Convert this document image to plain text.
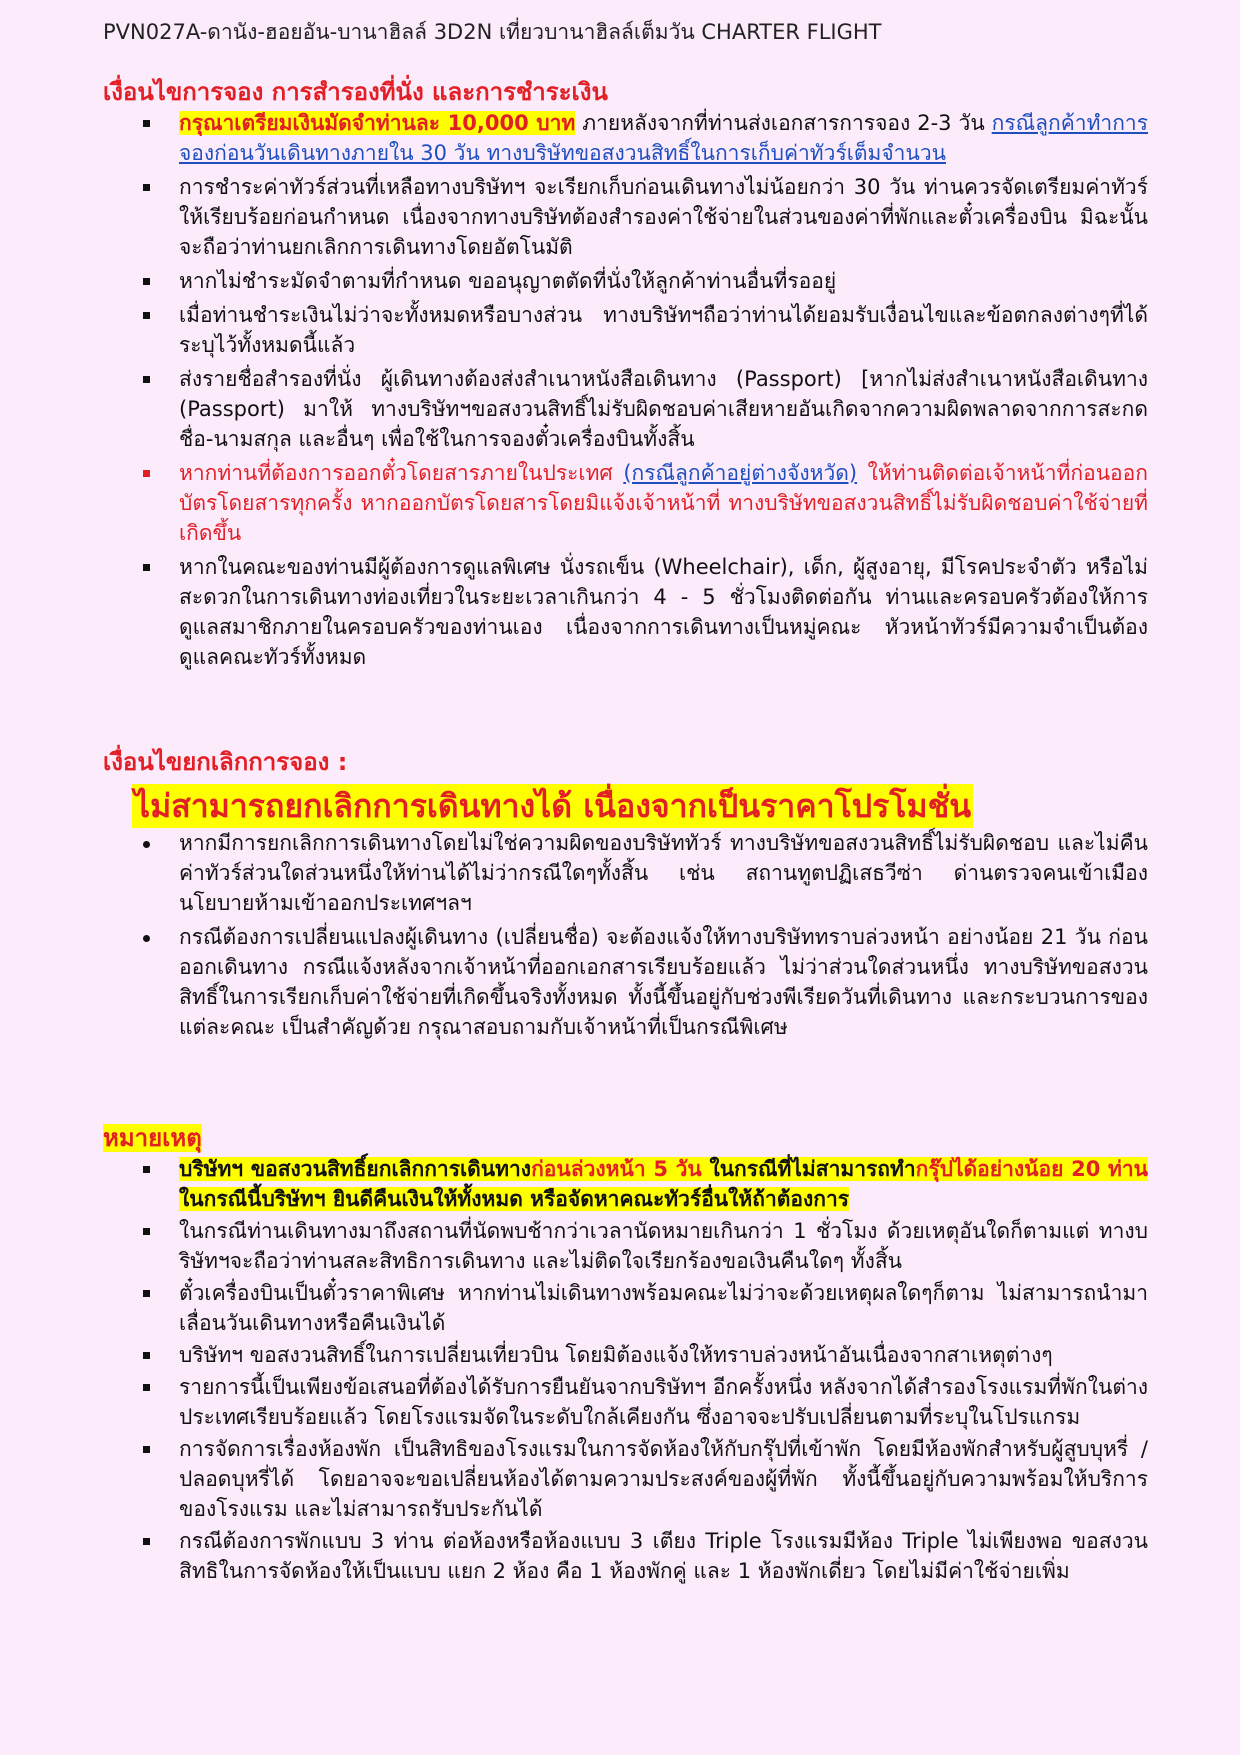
PVN027A-ดานัง-ฮอยอัน-บานาฮิลล์ 3D2N เที่ยวบานาฮิลล์เต็มวัน CHARTER FLIGHT
เงื่อนไขการจอง การสำรองที่นั่ง และการชำระเงิน
กรุณาเตรียมเงินมัดจำท่านละ 10,000 บาท ภายหลังจากที่ท่านส่งเอกสารการจอง 2-3 วัน กรณีลูกค้าทำการจองก่อนวันเดินทางภายใน 30 วัน ทางบริษัทขอสงวนสิทธิ์ในการเก็บค่าทัวร์เต็มจำนวน
การชำระค่าทัวร์ส่วนที่เหลือทางบริษัทฯ จะเรียกเก็บก่อนเดินทางไม่น้อยกว่า 30 วัน ท่านควรจัดเตรียมค่าทัวร์ให้เรียบร้อยก่อนกำหนด เนื่องจากทางบริษัทต้องสำรองค่าใช้จ่ายในส่วนของค่าที่พักและตั๋วเครื่องบิน มิฉะนั้นจะถือว่าท่านยกเลิกการเดินทางโดยอัตโนมัติ
หากไม่ชำระมัดจำตามที่กำหนด ขออนุญาตตัดที่นั่งให้ลูกค้าท่านอื่นที่รออยู่
เมื่อท่านชำระเงินไม่ว่าจะทั้งหมดหรือบางส่วน ทางบริษัทฯถือว่าท่านได้ยอมรับเงื่อนไขและข้อตกลงต่างๆที่ได้ระบุไว้ทั้งหมดนี้แล้ว
ส่งรายชื่อสำรองที่นั่ง ผู้เดินทางต้องส่งสำเนาหนังสือเดินทาง (Passport) [หากไม่ส่งสำเนาหนังสือเดินทาง (Passport) มาให้ ทางบริษัทฯขอสงวนสิทธิ์ไม่รับผิดชอบค่าเสียหายอันเกิดจากความผิดพลาดจากการสะกดชื่อ-นามสกุล และอื่นๆ เพื่อใช้ในการจองตั๋วเครื่องบินทั้งสิ้น
หากท่านที่ต้องการออกตั๋วโดยสารภายในประเทศ (กรณีลูกค้าอยู่ต่างจังหวัด) ให้ท่านติดต่อเจ้าหน้าที่ก่อนออกบัตรโดยสารทุกครั้ง หากออกบัตรโดยสารโดยมิแจ้งเจ้าหน้าที่ ทางบริษัทขอสงวนสิทธิ์ไม่รับผิดชอบค่าใช้จ่ายที่เกิดขึ้น
หากในคณะของท่านมีผู้ต้องการดูแลพิเศษ นั่งรถเข็น (Wheelchair), เด็ก, ผู้สูงอายุ, มีโรคประจำตัว หรือไม่สะดวกในการเดินทางท่องเที่ยวในระยะเวลาเกินกว่า 4 - 5 ชั่วโมงติดต่อกัน ท่านและครอบครัวต้องให้การดูแลสมาชิกภายในครอบครัวของท่านเอง เนื่องจากการเดินทางเป็นหมู่คณะ หัวหน้าทัวร์มีความจำเป็นต้องดูแลคณะทัวร์ทั้งหมด
เงื่อนไขยกเลิกการจอง :
ไม่สามารถยกเลิกการเดินทางได้ เนื่องจากเป็นราคาโปรโมชั่น
หากมีการยกเลิกการเดินทางโดยไม่ใช่ความผิดของบริษัททัวร์ ทางบริษัทขอสงวนสิทธิ์ไม่รับผิดชอบ และไม่คืนค่าทัวร์ส่วนใดส่วนหนึ่งให้ท่านได้ไม่ว่ากรณีใดๆทั้งสิ้น เช่น สถานทูตปฏิเสธวีซ่า ด่านตรวจคนเข้าเมือง นโยบายห้ามเข้าออกประเทศฯลฯ
กรณีต้องการเปลี่ยนแปลงผู้เดินทาง (เปลี่ยนชื่อ) จะต้องแจ้งให้ทางบริษัททราบล่วงหน้า อย่างน้อย 21 วัน ก่อนออกเดินทาง กรณีแจ้งหลังจากเจ้าหน้าที่ออกเอกสารเรียบร้อยแล้ว ไม่ว่าส่วนใดส่วนหนึ่ง ทางบริษัทขอสงวนสิทธิ์ในการเรียกเก็บค่าใช้จ่ายที่เกิดขึ้นจริงทั้งหมด ทั้งนี้ขึ้นอยู่กับช่วงพีเรียดวันที่เดินทาง และกระบวนการของแต่ละคณะ เป็นสำคัญด้วย กรุณาสอบถามกับเจ้าหน้าที่เป็นกรณีพิเศษ
หมายเหตุ
บริษัทฯ ขอสงวนสิทธิ์ยกเลิกการเดินทางก่อนล่วงหน้า 5 วัน ในกรณีที่ไม่สามารถทำกรุ๊ปได้อย่างน้อย 20 ท่าน ในกรณีนี้บริษัทฯ ยินดีคืนเงินให้ทั้งหมด หรือจัดหาคณะทัวร์อื่นให้ถ้าต้องการ
ในกรณีท่านเดินทางมาถึงสถานที่นัดพบช้ากว่าเวลานัดหมายเกินกว่า 1 ชั่วโมง ด้วยเหตุอันใดก็ตามแต่ ทางบริษัทฯจะถือว่าท่านสละสิทธิการเดินทาง และไม่ติดใจเรียกร้องขอเงินคืนใดๆ ทั้งสิ้น
ตั๋วเครื่องบินเป็นตั๋วราคาพิเศษ หากท่านไม่เดินทางพร้อมคณะไม่ว่าจะด้วยเหตุผลใดๆก็ตาม ไม่สามารถนำมาเลื่อนวันเดินทางหรือคืนเงินได้
บริษัทฯ ขอสงวนสิทธิ์ในการเปลี่ยนเที่ยวบิน โดยมิต้องแจ้งให้ทราบล่วงหน้าอันเนื่องจากสาเหตุต่างๆ
รายการนี้เป็นเพียงข้อเสนอที่ต้องได้รับการยืนยันจากบริษัทฯ อีกครั้งหนึ่ง หลังจากได้สำรองโรงแรมที่พักในต่างประเทศเรียบร้อยแล้ว โดยโรงแรมจัดในระดับใกล้เคียงกัน ซึ่งอาจจะปรับเปลี่ยนตามที่ระบุในโปรแกรม
การจัดการเรื่องห้องพัก เป็นสิทธิของโรงแรมในการจัดห้องให้กับกรุ๊ปที่เข้าพัก โดยมีห้องพักสำหรับผู้สูบบุหรี่ / ปลอดบุหรี่ได้ โดยอาจจะขอเปลี่ยนห้องได้ตามความประสงค์ของผู้ที่พัก ทั้งนี้ขึ้นอยู่กับความพร้อมให้บริการของโรงแรม และไม่สามารถรับประกันได้
กรณีต้องการพักแบบ 3 ท่าน ต่อห้องหรือห้องแบบ 3 เตียง Triple โรงแรมมีห้อง Triple ไม่เพียงพอ ขอสงวนสิทธิในการจัดห้องให้เป็นแบบ แยก 2 ห้อง คือ 1 ห้องพักคู่ และ 1 ห้องพักเดี่ยว โดยไม่มีค่าใช้จ่ายเพิ่ม
